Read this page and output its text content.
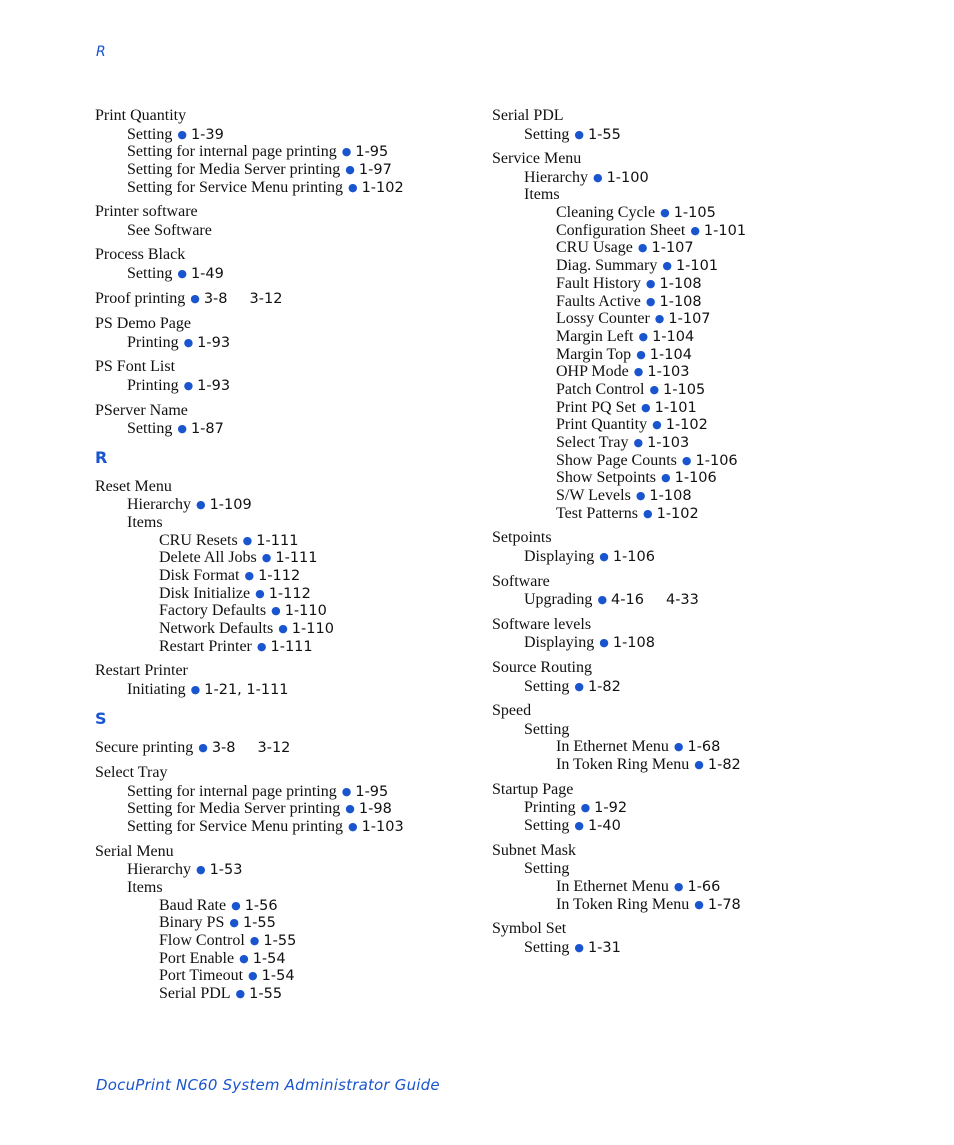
R
Print Quantity
Setting ● 1-39
Setting for internal page printing ● 1-95
Setting for Media Server printing ● 1-97
Setting for Service Menu printing ● 1-102
Printer software
See Software
Process Black
Setting ● 1-49
Proof printing ● 3-8 3-12
PS Demo Page
Printing ● 1-93
PS Font List
Printing ● 1-93
PServer Name
Setting ● 1-87
R
Reset Menu
Hierarchy ● 1-109
Items
CRU Resets ● 1-111
Delete All Jobs ● 1-111
Disk Format ● 1-112
Disk Initialize ● 1-112
Factory Defaults ● 1-110
Network Defaults ● 1-110
Restart Printer ● 1-111
Restart Printer
Initiating ● 1-21, 1-111
S
Secure printing ● 3-8 3-12
Select Tray
Setting for internal page printing ● 1-95
Setting for Media Server printing ● 1-98
Setting for Service Menu printing ● 1-103
Serial Menu
Hierarchy ● 1-53
Items
Baud Rate ● 1-56
Binary PS ● 1-55
Flow Control ● 1-55
Port Enable ● 1-54
Port Timeout ● 1-54
Serial PDL ● 1-55
Serial PDL
Setting ● 1-55
Service Menu
Hierarchy ● 1-100
Items
Cleaning Cycle ● 1-105
Configuration Sheet ● 1-101
CRU Usage ● 1-107
Diag. Summary ● 1-101
Fault History ● 1-108
Faults Active ● 1-108
Lossy Counter ● 1-107
Margin Left ● 1-104
Margin Top ● 1-104
OHP Mode ● 1-103
Patch Control ● 1-105
Print PQ Set ● 1-101
Print Quantity ● 1-102
Select Tray ● 1-103
Show Page Counts ● 1-106
Show Setpoints ● 1-106
S/W Levels ● 1-108
Test Patterns ● 1-102
Setpoints
Displaying ● 1-106
Software
Upgrading ● 4-16 4-33
Software levels
Displaying ● 1-108
Source Routing
Setting ● 1-82
Speed
Setting
In Ethernet Menu ● 1-68
In Token Ring Menu ● 1-82
Startup Page
Printing ● 1-92
Setting ● 1-40
Subnet Mask
Setting
In Ethernet Menu ● 1-66
In Token Ring Menu ● 1-78
Symbol Set
Setting ● 1-31
DocuPrint NC60 System Administrator Guide
